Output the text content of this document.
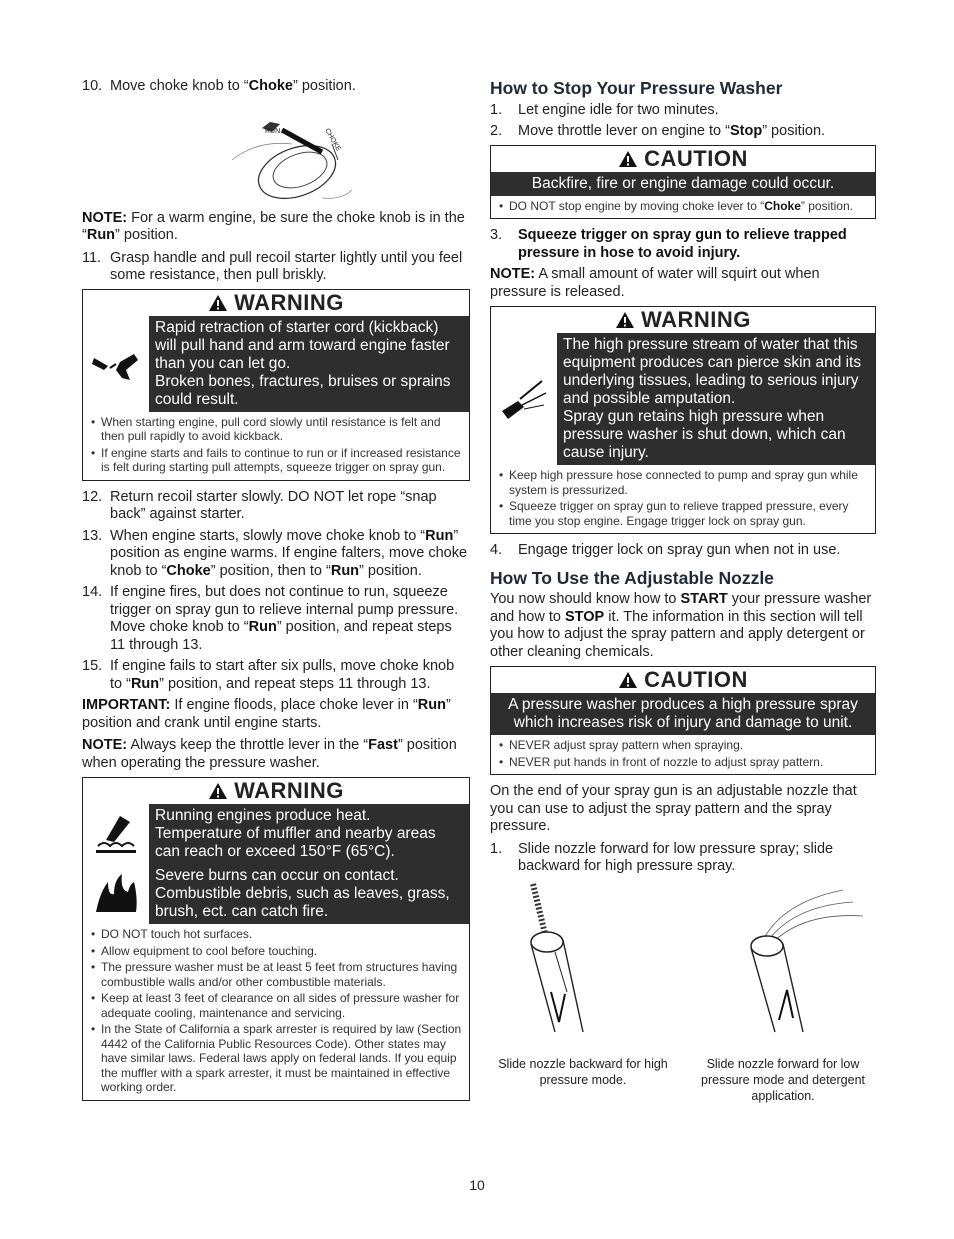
10. Move choke knob to “Choke” position.
RUN	CHOKE

NOTE: For a warm engine, be sure the choke knob is in the “Run” position.

11. Grasp handle and pull recoil starter lightly until you feel some resistance, then pull briskly.
WARNING
Rapid retraction of starter cord (kickback) will pull hand and arm toward engine faster than you can let go.
Broken bones, fractures, bruises or sprains could result.
• When starting engine, pull cord slowly until resistance is felt and then pull rapidly to avoid kickback.
• If engine starts and fails to continue to run or if increased resistance is felt during starting pull attempts, squeeze trigger on spray gun.
12. Return recoil starter slowly. DO NOT let rope “snap back” against starter.
13. When engine starts, slowly move choke knob to “Run” position as engine warms. If engine falters, move choke knob to “Choke” position, then to “Run” position.
14. If engine fires, but does not continue to run, squeeze trigger on spray gun to relieve internal pump pressure. Move choke knob to “Run” position, and repeat steps 11 through 13.
15. If engine fails to start after six pulls, move choke knob to “Run” position, and repeat steps 11 through 13.

IMPORTANT: If engine floods, place choke lever in “Run” position and crank until engine starts.

NOTE: Always keep the throttle lever in the “Fast” position when operating the pressure washer.

WARNING
Running engines produce heat.
Temperature of muffler and nearby areas can reach or exceed 150°F (65°C).
Severe burns can occur on contact.
Combustible debris, such as leaves, grass, brush, ect. can catch fire.
• DO NOT touch hot surfaces.
• Allow equipment to cool before touching.
• The pressure washer must be at least 5 feet from structures having combustible walls and/or other combustible materials.
• Keep at least 3 feet of clearance on all sides of pressure washer for adequate cooling, maintenance and servicing.
• In the State of California a spark arrester is required by law (Section 4442 of the California Public Resources Code). Other states may have similar laws. Federal laws apply on federal lands. If you equip the muffler with a spark arrester, it must be maintained in effective working order.
How to Stop Your Pressure Washer
1.	Let engine idle for two minutes.
2.	Move throttle lever on engine to “Stop” position.
CAUTION
Backfire, fire or engine damage could occur.
• DO NOT stop engine by moving choke lever to “Choke” position.
3.	Squeeze trigger on spray gun to relieve trapped pressure in hose to avoid injury.

NOTE: A small amount of water will squirt out when pressure is released.

WARNING
The high pressure stream of water that this equipment produces can pierce skin and its underlying tissues, leading to serious injury and possible amputation.
Spray gun retains high pressure when pressure washer is shut down, which can cause injury.
• Keep high pressure hose connected to pump and spray gun while system is pressurized.
• Squeeze trigger on spray gun to relieve trapped pressure, every time you stop engine. Engage trigger lock on spray gun.
4.	Engage trigger lock on spray gun when not in use.
How To Use the Adjustable Nozzle

You now should know how to START your pressure washer and how to STOP it. The information in this section will tell you how to adjust the spray pattern and apply detergent or other cleaning chemicals.

CAUTION
A pressure washer produces a high pressure spray which increases risk of injury and damage to unit.
• NEVER adjust spray pattern when spraying.
• NEVER put hands in front of nozzle to adjust spray pattern.

On the end of your spray gun is an adjustable nozzle that you can use to adjust the spray pattern and the spray pressure.

1.	Slide nozzle forward for low pressure spray; slide backward for high pressure spray.
Slide nozzle backward for high pressure mode.
Slide nozzle forward for low pressure mode and detergent application.
10
